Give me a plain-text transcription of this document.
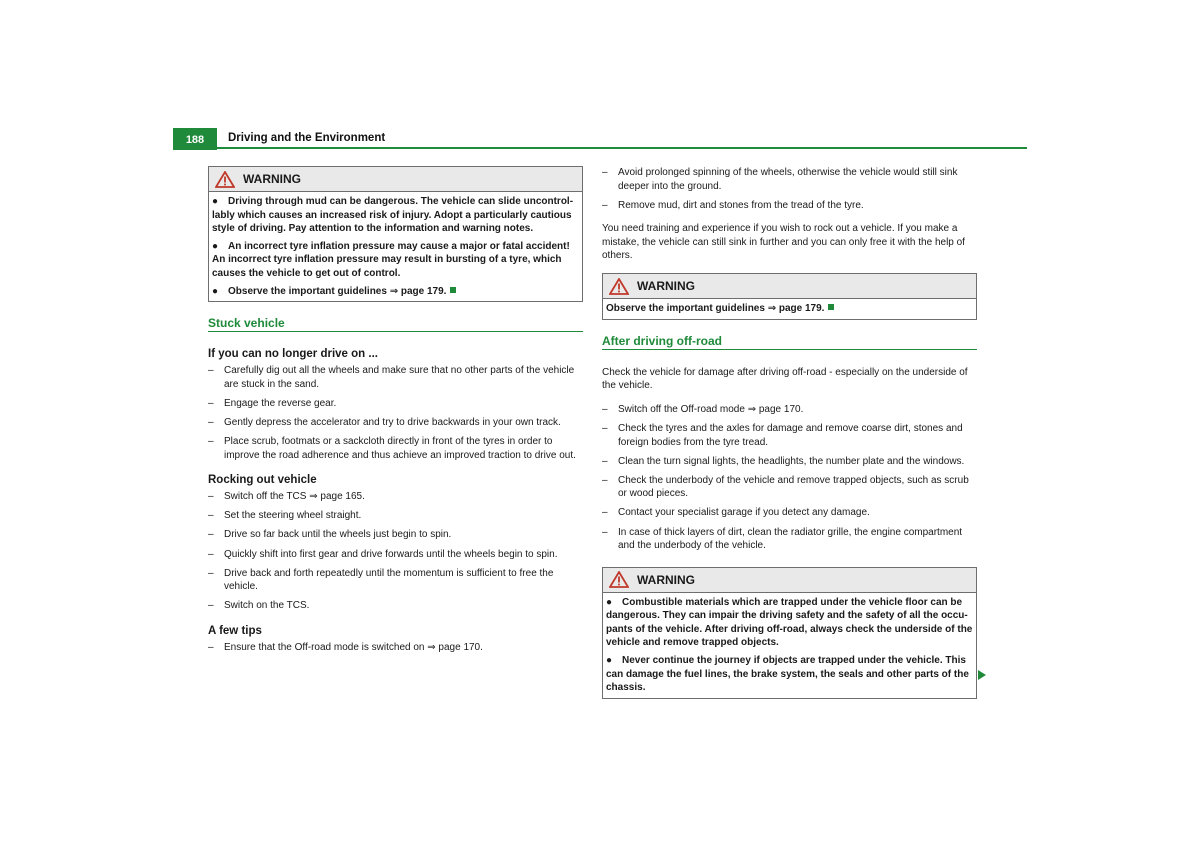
188	Driving and the Environment
WARNING
● Driving through mud can be dangerous. The vehicle can slide uncontrol-lably which causes an increased risk of injury. Adopt a particularly cautious style of driving. Pay attention to the information and warning notes.
● An incorrect tyre inflation pressure may cause a major or fatal accident! An incorrect tyre inflation pressure may result in bursting of a tyre, which causes the vehicle to get out of control.
● Observe the important guidelines ⇒ page 179.
Stuck vehicle
If you can no longer drive on ...
– Carefully dig out all the wheels and make sure that no other parts of the vehicle are stuck in the sand.
– Engage the reverse gear.
– Gently depress the accelerator and try to drive backwards in your own track.
– Place scrub, footmats or a sackcloth directly in front of the tyres in order to improve the road adherence and thus achieve an improved traction to drive out.
Rocking out vehicle
– Switch off the TCS ⇒ page 165.
– Set the steering wheel straight.
– Drive so far back until the wheels just begin to spin.
– Quickly shift into first gear and drive forwards until the wheels begin to spin.
– Drive back and forth repeatedly until the momentum is sufficient to free the vehicle.
– Switch on the TCS.
A few tips
– Ensure that the Off-road mode is switched on ⇒ page 170.
– Avoid prolonged spinning of the wheels, otherwise the vehicle would still sink deeper into the ground.
– Remove mud, dirt and stones from the tread of the tyre.
You need training and experience if you wish to rock out a vehicle. If you make a mistake, the vehicle can still sink in further and you can only free it with the help of others.
WARNING
Observe the important guidelines ⇒ page 179.
After driving off-road
Check the vehicle for damage after driving off-road - especially on the underside of the vehicle.
– Switch off the Off-road mode ⇒ page 170.
– Check the tyres and the axles for damage and remove coarse dirt, stones and foreign bodies from the tyre tread.
– Clean the turn signal lights, the headlights, the number plate and the windows.
– Check the underbody of the vehicle and remove trapped objects, such as scrub or wood pieces.
– Contact your specialist garage if you detect any damage.
– In case of thick layers of dirt, clean the radiator grille, the engine compartment and the underbody of the vehicle.
WARNING
● Combustible materials which are trapped under the vehicle floor can be dangerous. They can impair the driving safety and the safety of all the occu-pants of the vehicle. After driving off-road, always check the underside of the vehicle and remove trapped objects.
● Never continue the journey if objects are trapped under the vehicle. This can damage the fuel lines, the brake system, the seals and other parts of the chassis.
